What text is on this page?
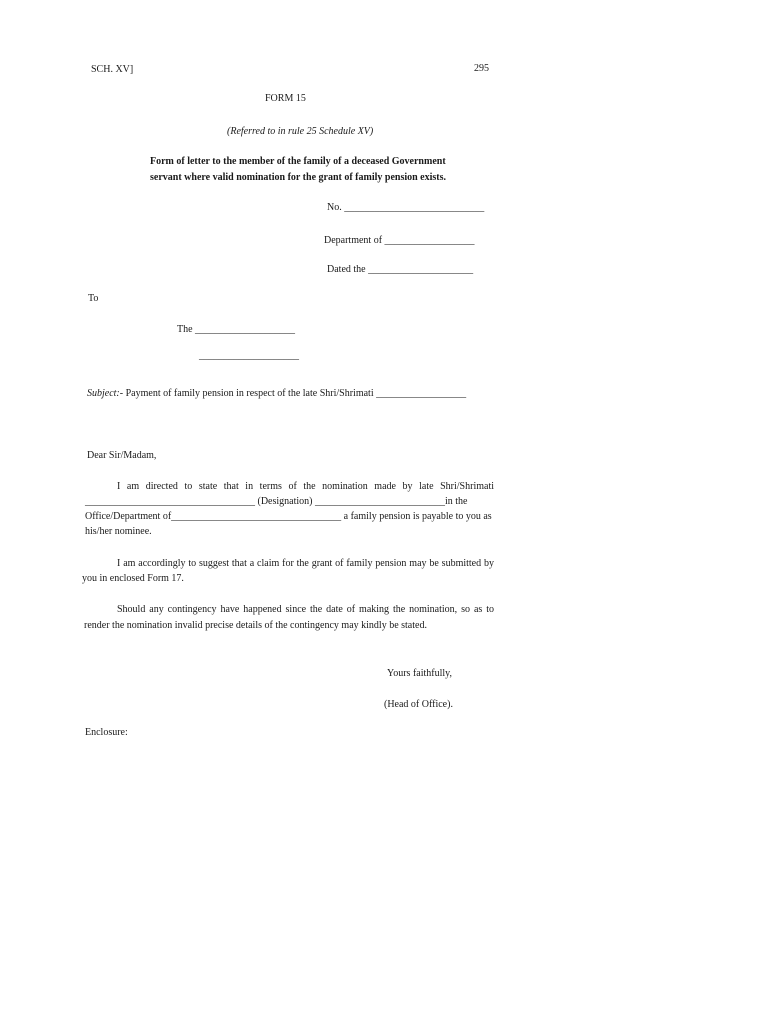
SCH. XV]	295
FORM 15
(Referred to in rule 25 Schedule XV)
Form of letter to the member of the family of a deceased Government
servant where valid nomination for the grant of family pension exists.
No. ____________________________
Department of __________________
Dated the _____________________
To
The ____________________
____________________
Subject:- Payment of family pension in respect of the late Shri/Shrimati __________________
Dear Sir/Madam,
I am directed to state that in terms of the nomination made by late Shri/Shrimati
__________________________________ (Designation) __________________________in the
Office/Department of__________________________________ a family pension is payable to you as
his/her nominee.
I am accordingly to suggest that a claim for the grant of family pension may be submitted by
you in enclosed Form 17.
Should any contingency have happened since the date of making the nomination, so as to
render the nomination invalid precise details of the contingency may kindly be stated.
Yours faithfully,
(Head of Office).
Enclosure:
